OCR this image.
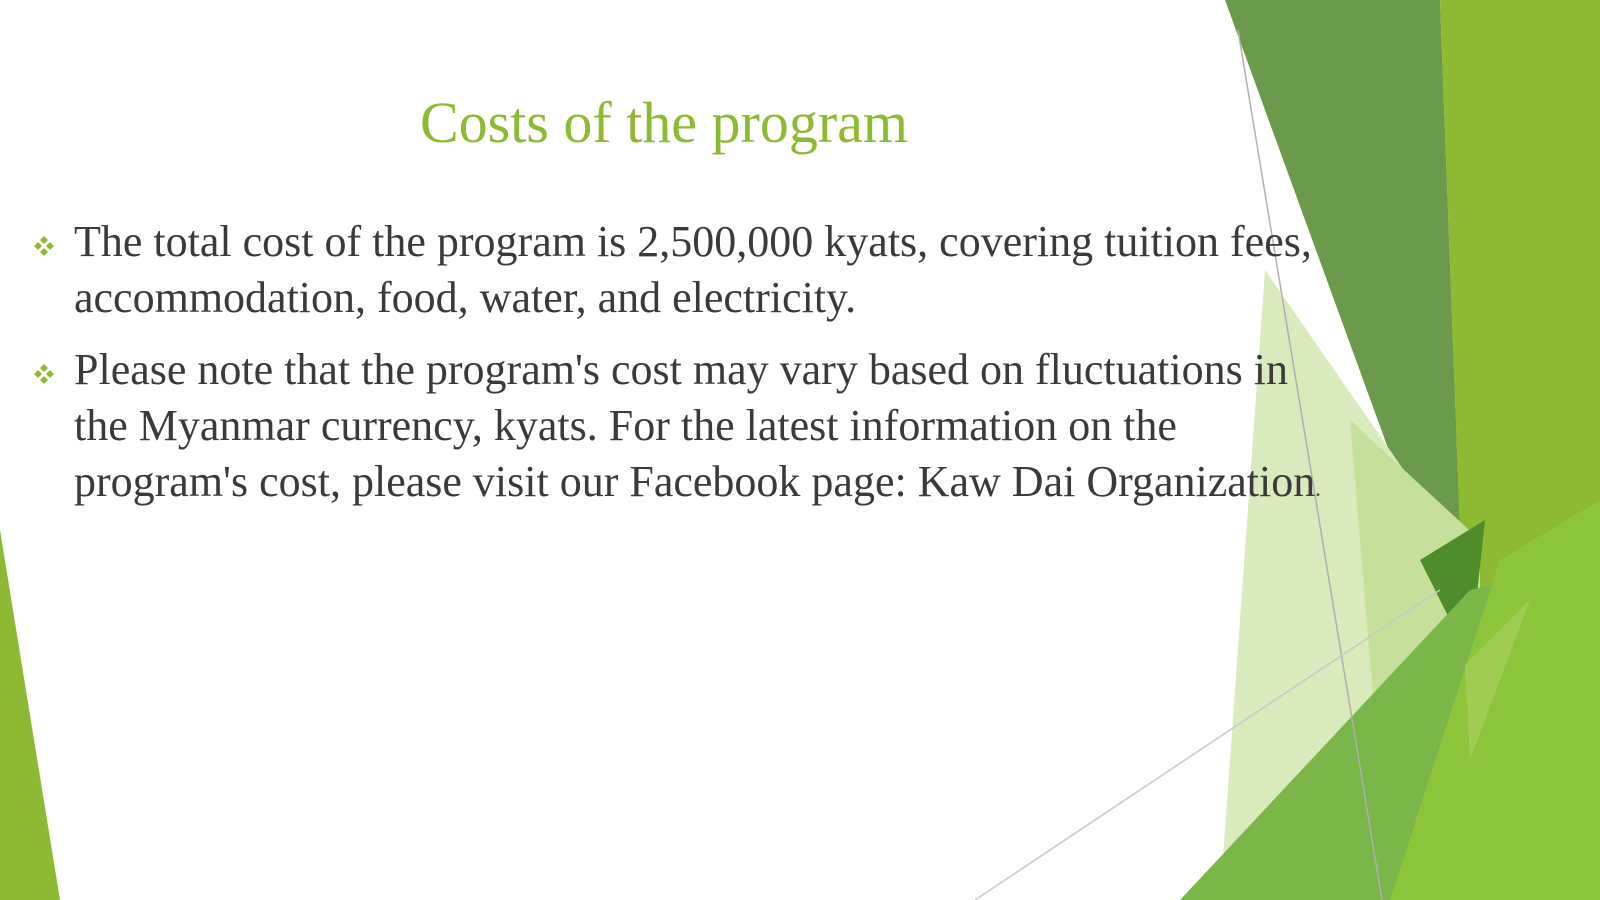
Costs of the program
The total cost of the program is 2,500,000 kyats, covering tuition fees, accommodation, food, water, and electricity.
Please note that the program's cost may vary based on fluctuations in the Myanmar currency, kyats. For the latest information on the program's cost, please visit our Facebook page: Kaw Dai Organization.
